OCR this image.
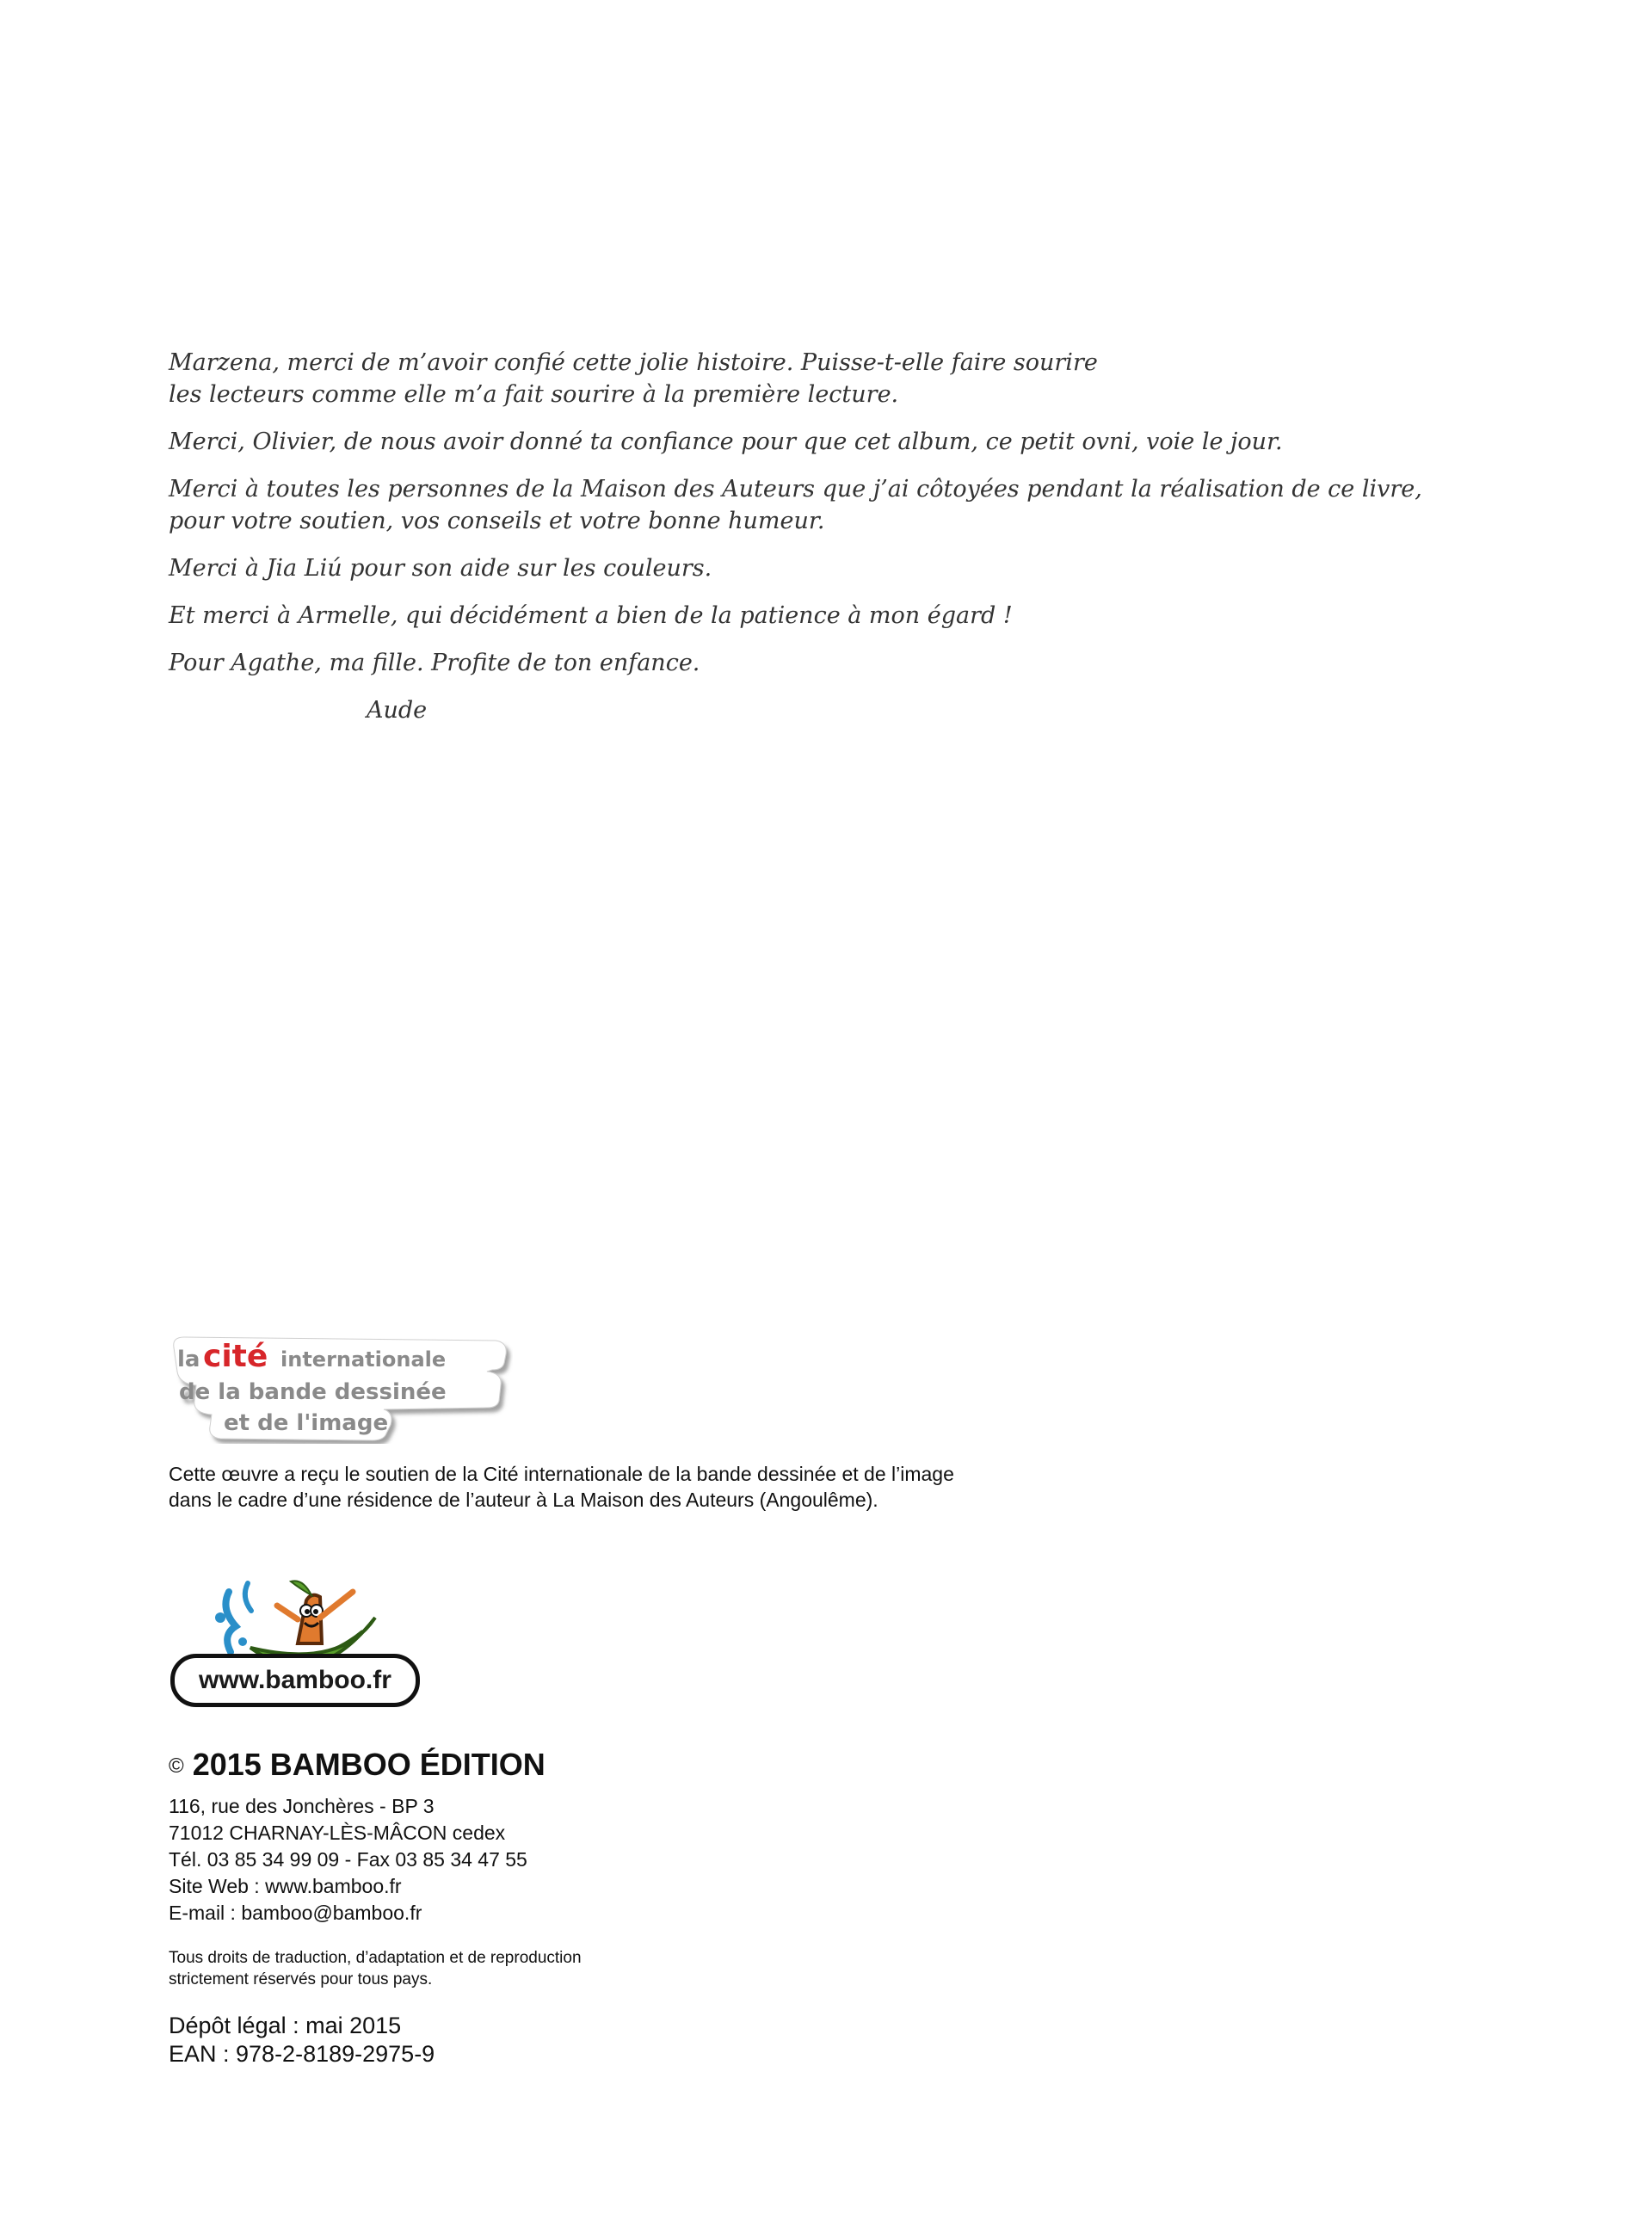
Marzena, merci de m’avoir confié cette jolie histoire. Puisse-t-elle faire sourire
les lecteurs comme elle m’a fait sourire à la première lecture.

Merci, Olivier, de nous avoir donné ta confiance pour que cet album, ce petit ovni, voie le jour.

Merci à toutes les personnes de la Maison des Auteurs que j’ai côtoyées pendant la réalisation de ce livre,
pour votre soutien, vos conseils et votre bonne humeur.

Merci à Jia Liú pour son aide sur les couleurs.

Et merci à Armelle, qui décidément a bien de la patience à mon égard !

Pour Agathe, ma fille. Profite de ton enfance.

Aude

la cité internationale
de la bande dessinée
et de l'image
Cette œuvre a reçu le soutien de la Cité internationale de la bande dessinée et de l’image
dans le cadre d’une résidence de l’auteur à La Maison des Auteurs (Angoulême).
www.bamboo.fr
© 2015 BAMBOO ÉDITION
116, rue des Jonchères - BP 3
71012 CHARNAY-LÈS-MÂCON cedex
Tél. 03 85 34 99 09 - Fax 03 85 34 47 55
Site Web : www.bamboo.fr
E-mail : bamboo@bamboo.fr
Tous droits de traduction, d’adaptation et de reproduction
strictement réservés pour tous pays.
Dépôt légal : mai 2015
EAN : 978-2-8189-2975-9
